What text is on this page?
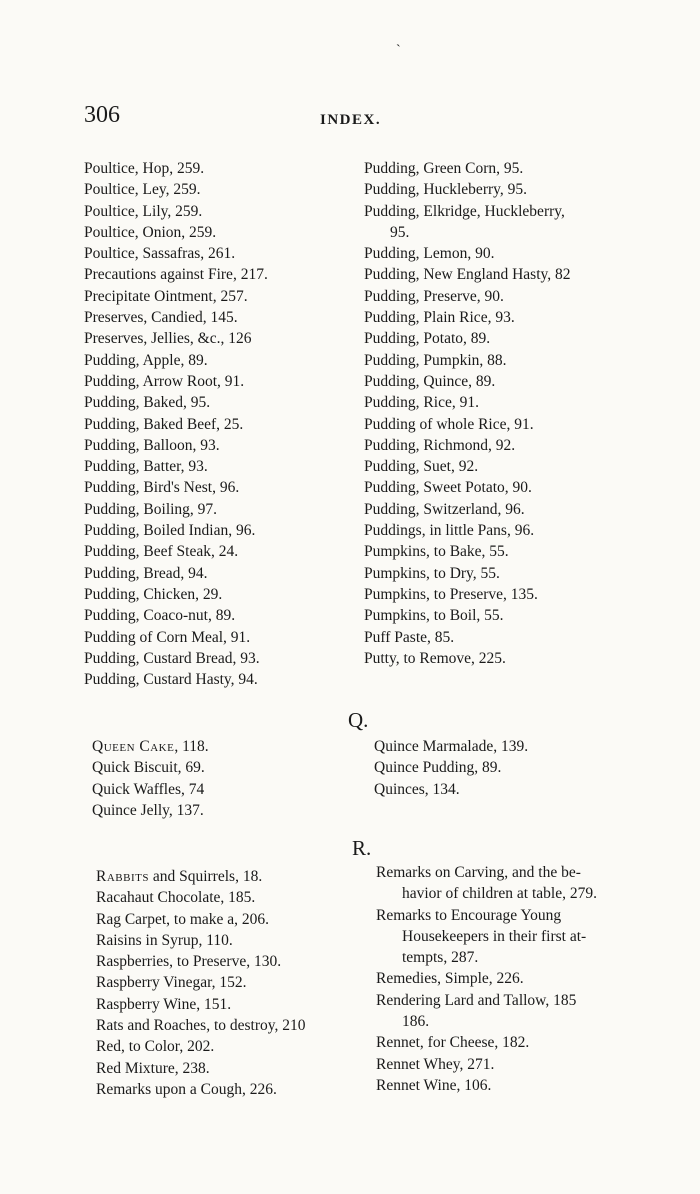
`
306	INDEX.
Poultice, Hop, 259.
Poultice, Ley, 259.
Poultice, Lily, 259.
Poultice, Onion, 259.
Poultice, Sassafras, 261.
Precautions against Fire, 217.
Precipitate Ointment, 257.
Preserves, Candied, 145.
Preserves, Jellies, &c., 126
Pudding, Apple, 89.
Pudding, Arrow Root, 91.
Pudding, Baked, 95.
Pudding, Baked Beef, 25.
Pudding, Balloon, 93.
Pudding, Batter, 93.
Pudding, Bird's Nest, 96.
Pudding, Boiling, 97.
Pudding, Boiled Indian, 96.
Pudding, Beef Steak, 24.
Pudding, Bread, 94.
Pudding, Chicken, 29.
Pudding, Coaco-nut, 89.
Pudding of Corn Meal, 91.
Pudding, Custard Bread, 93.
Pudding, Custard Hasty, 94.
Pudding, Green Corn, 95.
Pudding, Huckleberry, 95.
Pudding, Elkridge, Huckleberry,
95.
Pudding, Lemon, 90.
Pudding, New England Hasty, 82
Pudding, Preserve, 90.
Pudding, Plain Rice, 93.
Pudding, Potato, 89.
Pudding, Pumpkin, 88.
Pudding, Quince, 89.
Pudding, Rice, 91.
Pudding of whole Rice, 91.
Pudding, Richmond, 92.
Pudding, Suet, 92.
Pudding, Sweet Potato, 90.
Pudding, Switzerland, 96.
Puddings, in little Pans, 96.
Pumpkins, to Bake, 55.
Pumpkins, to Dry, 55.
Pumpkins, to Preserve, 135.
Pumpkins, to Boil, 55.
Puff Paste, 85.
Putty, to Remove, 225.
Q.
Queen Cake, 118.
Quick Biscuit, 69.
Quick Waffles, 74
Quince Jelly, 137.
Quince Marmalade, 139.
Quince Pudding, 89.
Quinces, 134.
R.
Rabbits and Squirrels, 18.
Racahaut Chocolate, 185.
Rag Carpet, to make a, 206.
Raisins in Syrup, 110.
Raspberries, to Preserve, 130.
Raspberry Vinegar, 152.
Raspberry Wine, 151.
Rats and Roaches, to destroy, 210
Red, to Color, 202.
Red Mixture, 238.
Remarks upon a Cough, 226.
Remarks on Carving, and the be-
havior of children at table, 279.
Remarks to Encourage Young
Housekeepers in their first at-
tempts, 287.
Remedies, Simple, 226.
Rendering Lard and Tallow, 185
186.
Rennet, for Cheese, 182.
Rennet Whey, 271.
Rennet Wine, 106.
